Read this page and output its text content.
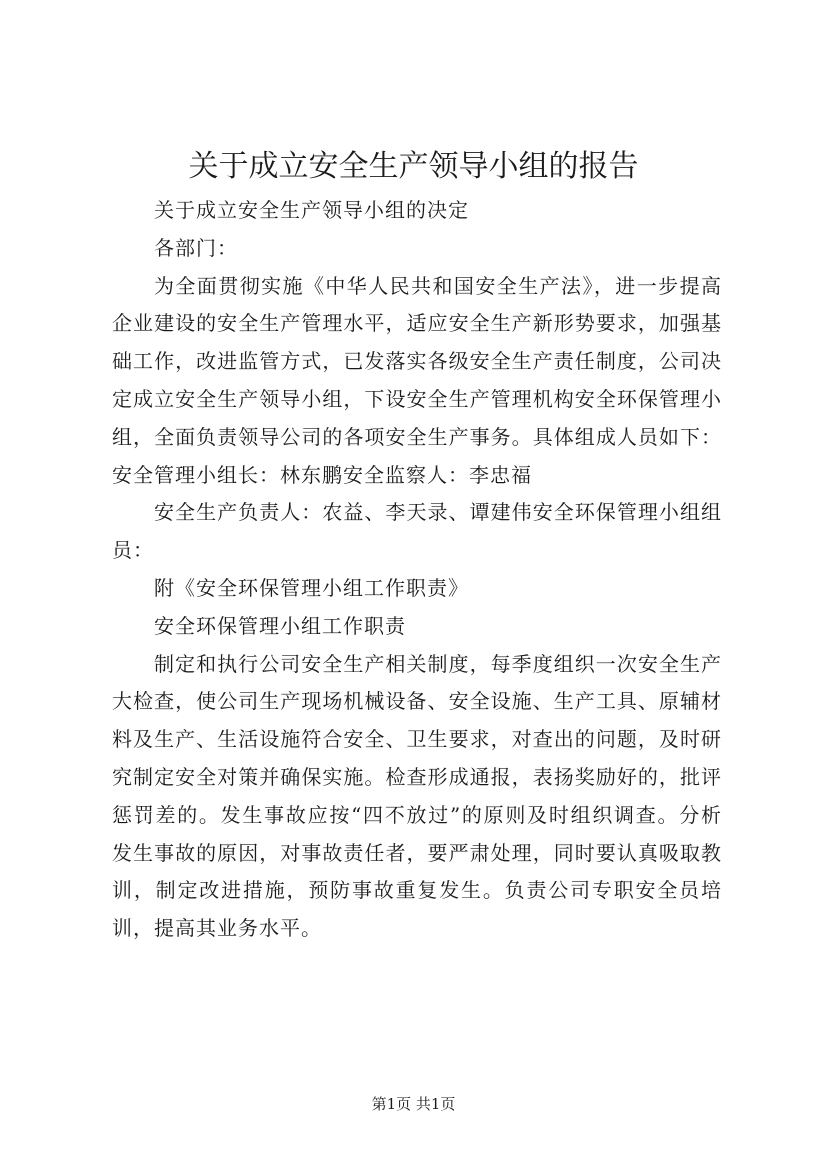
关于成立安全生产领导小组的报告

关于成立安全生产领导小组的决定

各部门：

为全面贯彻实施《中华人民共和国安全生产法》，进一步提高企业建设的安全生产管理水平，适应安全生产新形势要求，加强基础工作，改进监管方式，已发落实各级安全生产责任制度，公司决定成立安全生产领导小组，下设安全生产管理机构安全环保管理小组，全面负责领导公司的各项安全生产事务。具体组成人员如下：安全管理小组长：林东鹏安全监察人：李忠福

安全生产负责人：农益、李天录、谭建伟安全环保管理小组组员：

附《安全环保管理小组工作职责》

安全环保管理小组工作职责

制定和执行公司安全生产相关制度，每季度组织一次安全生产大检查，使公司生产现场机械设备、安全设施、生产工具、原辅材料及生产、生活设施符合安全、卫生要求，对查出的问题，及时研究制定安全对策并确保实施。检查形成通报，表扬奖励好的，批评惩罚差的。发生事故应按“四不放过”的原则及时组织调查。分析发生事故的原因，对事故责任者，要严肃处理，同时要认真吸取教训，制定改进措施，预防事故重复发生。负责公司专职安全员培训，提高其业务水平。

第1页 共1页
